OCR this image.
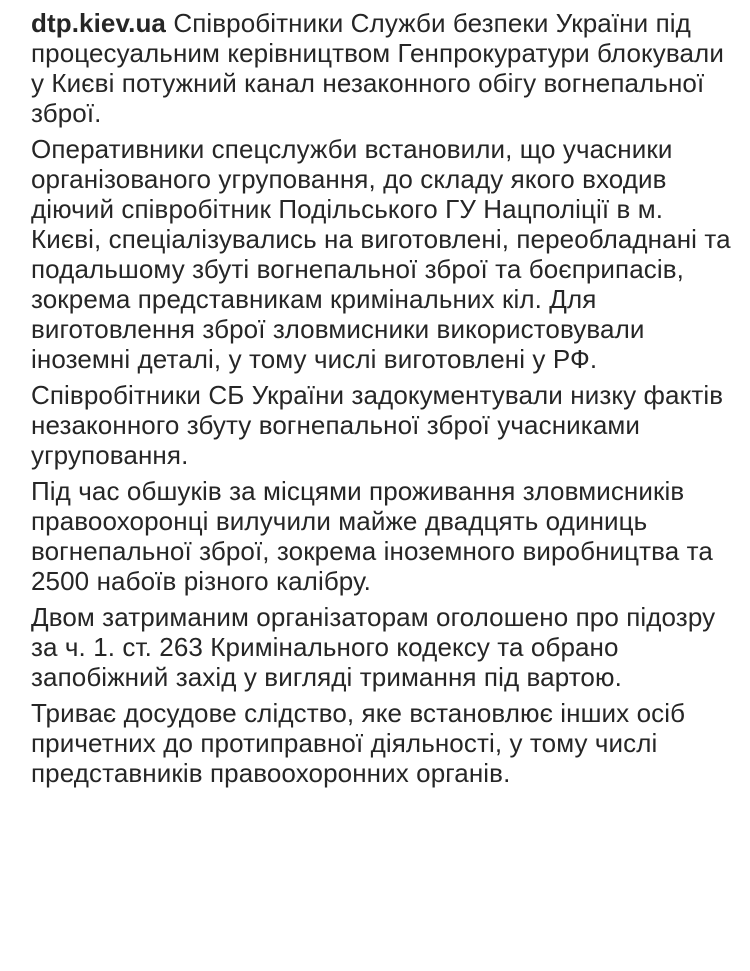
dtp.kiev.ua Співробітники Служби безпеки України під процесуальним керівництвом Генпрокуратури блокували у Києві потужний канал незаконного обігу вогнепальної зброї.

Оперативники спецслужби встановили, що учасники організованого угруповання, до складу якого входив діючий співробітник Подільського ГУ Нацполіції в м. Києві, спеціалізувались на виготовлені, переобладнані та подальшому збуті вогнепальної зброї та боєприпасів, зокрема представникам кримінальних кіл. Для виготовлення зброї зловмисники використовували іноземні деталі, у тому числі виготовлені у РФ.

Співробітники СБ України задокументували низку фактів незаконного збуту вогнепальної зброї учасниками угруповання.

Під час обшуків за місцями проживання зловмисників правоохоронці вилучили майже двадцять одиниць вогнепальної зброї, зокрема іноземного виробництва та 2500 набоїв різного калібру.

Двом затриманим організаторам оголошено про підозру за ч. 1. ст. 263 Кримінального кодексу та обрано запобіжний захід у вигляді тримання під вартою.

Триває досудове слідство, яке встановлює інших осіб причетних до протиправної діяльності, у тому числі представників правоохоронних органів.
